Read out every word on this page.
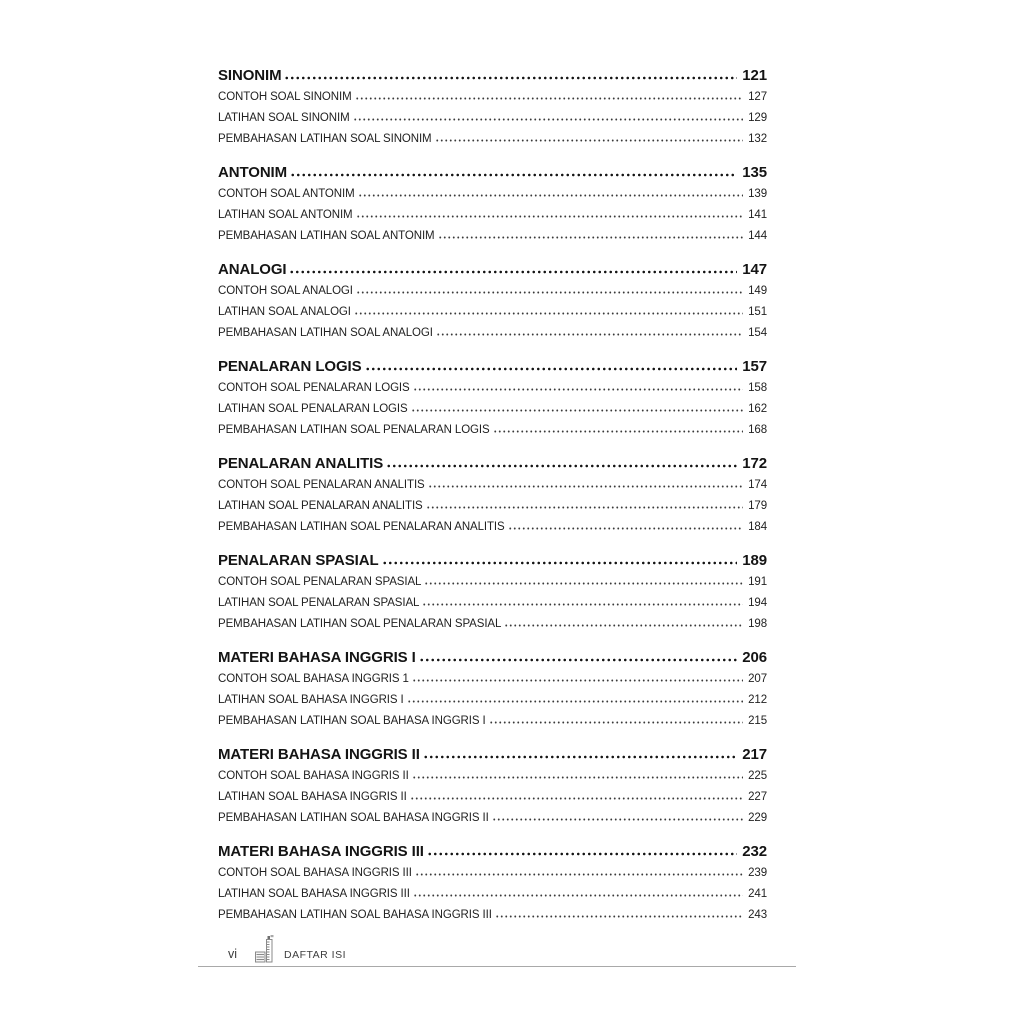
SINONIM	121
CONTOH SOAL SINONIM	127
LATIHAN SOAL SINONIM	129
PEMBAHASAN LATIHAN SOAL SINONIM	132
ANTONIM	135
CONTOH SOAL ANTONIM	139
LATIHAN SOAL ANTONIM	141
PEMBAHASAN LATIHAN SOAL ANTONIM	144
ANALOGI	147
CONTOH SOAL ANALOGI	149
LATIHAN SOAL ANALOGI	151
PEMBAHASAN LATIHAN SOAL ANALOGI	154
PENALARAN LOGIS	157
CONTOH SOAL PENALARAN LOGIS	158
LATIHAN SOAL PENALARAN LOGIS	162
PEMBAHASAN LATIHAN SOAL PENALARAN LOGIS	168
PENALARAN ANALITIS	172
CONTOH SOAL PENALARAN ANALITIS	174
LATIHAN SOAL PENALARAN ANALITIS	179
PEMBAHASAN LATIHAN SOAL PENALARAN ANALITIS	184
PENALARAN SPASIAL	189
CONTOH SOAL PENALARAN SPASIAL	191
LATIHAN SOAL PENALARAN SPASIAL	194
PEMBAHASAN LATIHAN SOAL PENALARAN SPASIAL	198
MATERI BAHASA INGGRIS I	206
CONTOH SOAL BAHASA INGGRIS 1	207
LATIHAN SOAL BAHASA INGGRIS I	212
PEMBAHASAN LATIHAN SOAL BAHASA INGGRIS I	215
MATERI BAHASA INGGRIS II	217
CONTOH SOAL BAHASA INGGRIS II	225
LATIHAN SOAL BAHASA INGGRIS II	227
PEMBAHASAN LATIHAN SOAL BAHASA INGGRIS II	229
MATERI BAHASA INGGRIS III	232
CONTOH SOAL BAHASA INGGRIS III	239
LATIHAN SOAL BAHASA INGGRIS III	241
PEMBAHASAN LATIHAN SOAL BAHASA INGGRIS III	243
vi	DAFTAR ISI
